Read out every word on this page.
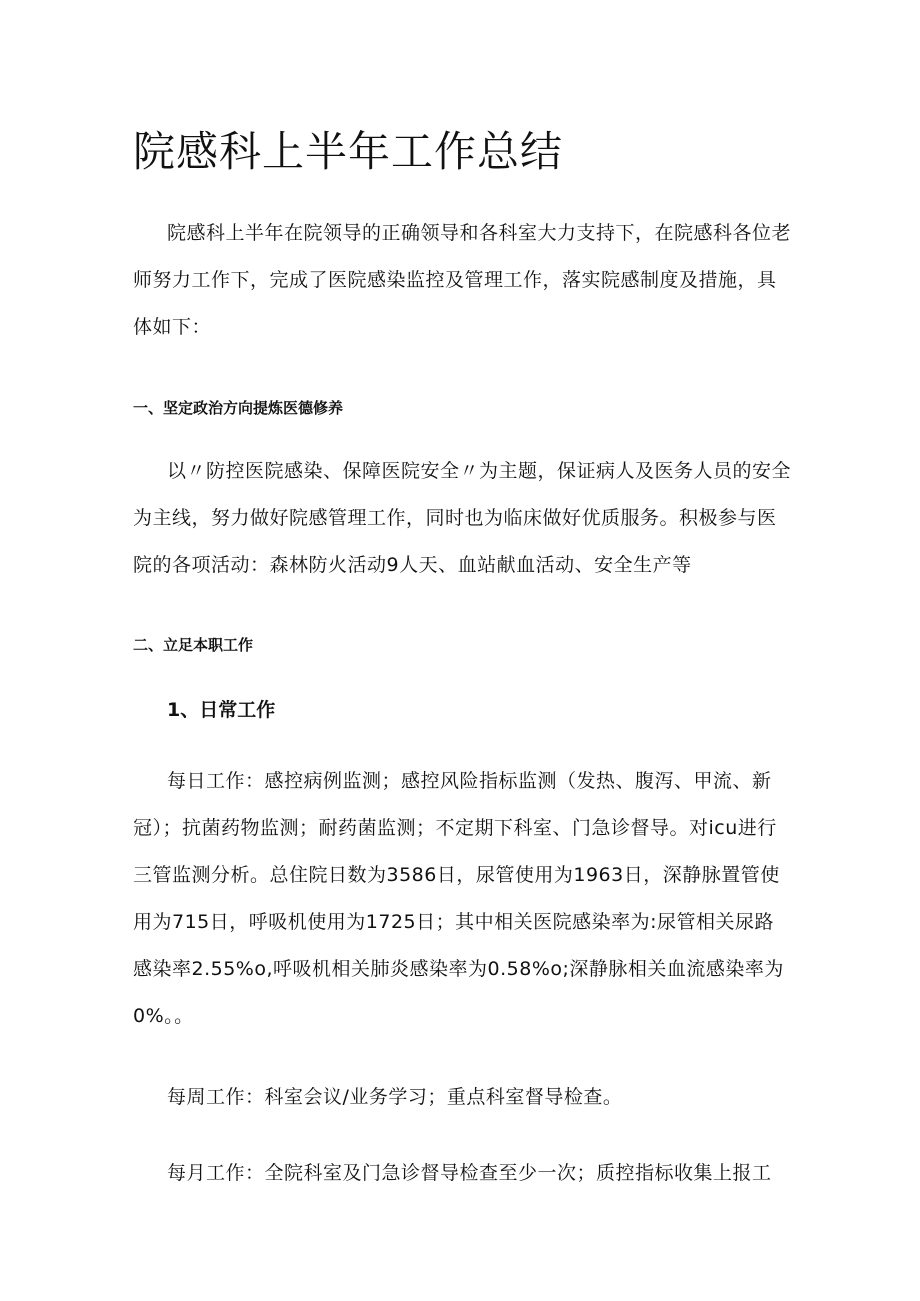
院感科上半年工作总结

院感科上半年在院领导的正确领导和各科室大力支持下，在院感科各位老师努力工作下，完成了医院感染监控及管理工作，落实院感制度及措施，具体如下：

一、坚定政治方向提炼医德修养

以〃防控医院感染、保障医院安全〃为主题，保证病人及医务人员的安全为主线，努力做好院感管理工作，同时也为临床做好优质服务。积极参与医院的各项活动：森林防火活动9人天、血站献血活动、安全生产等

二、立足本职工作
1、日常工作

每日工作：感控病例监测；感控风险指标监测（发热、腹泻、甲流、新冠）；抗菌药物监测；耐药菌监测；不定期下科室、门急诊督导。对icu进行三管监测分析。总住院日数为3586日，尿管使用为1963日，深静脉置管使用为715日，呼吸机使用为1725日；其中相关医院感染率为:尿管相关尿路感染率2.55%o,呼吸机相关肺炎感染率为0.58%o;深静脉相关血流感染率为0%。。

每周工作：科室会议/业务学习；重点科室督导检查。

每月工作：全院科室及门急诊督导检查至少一次；质控指标收集上报工
